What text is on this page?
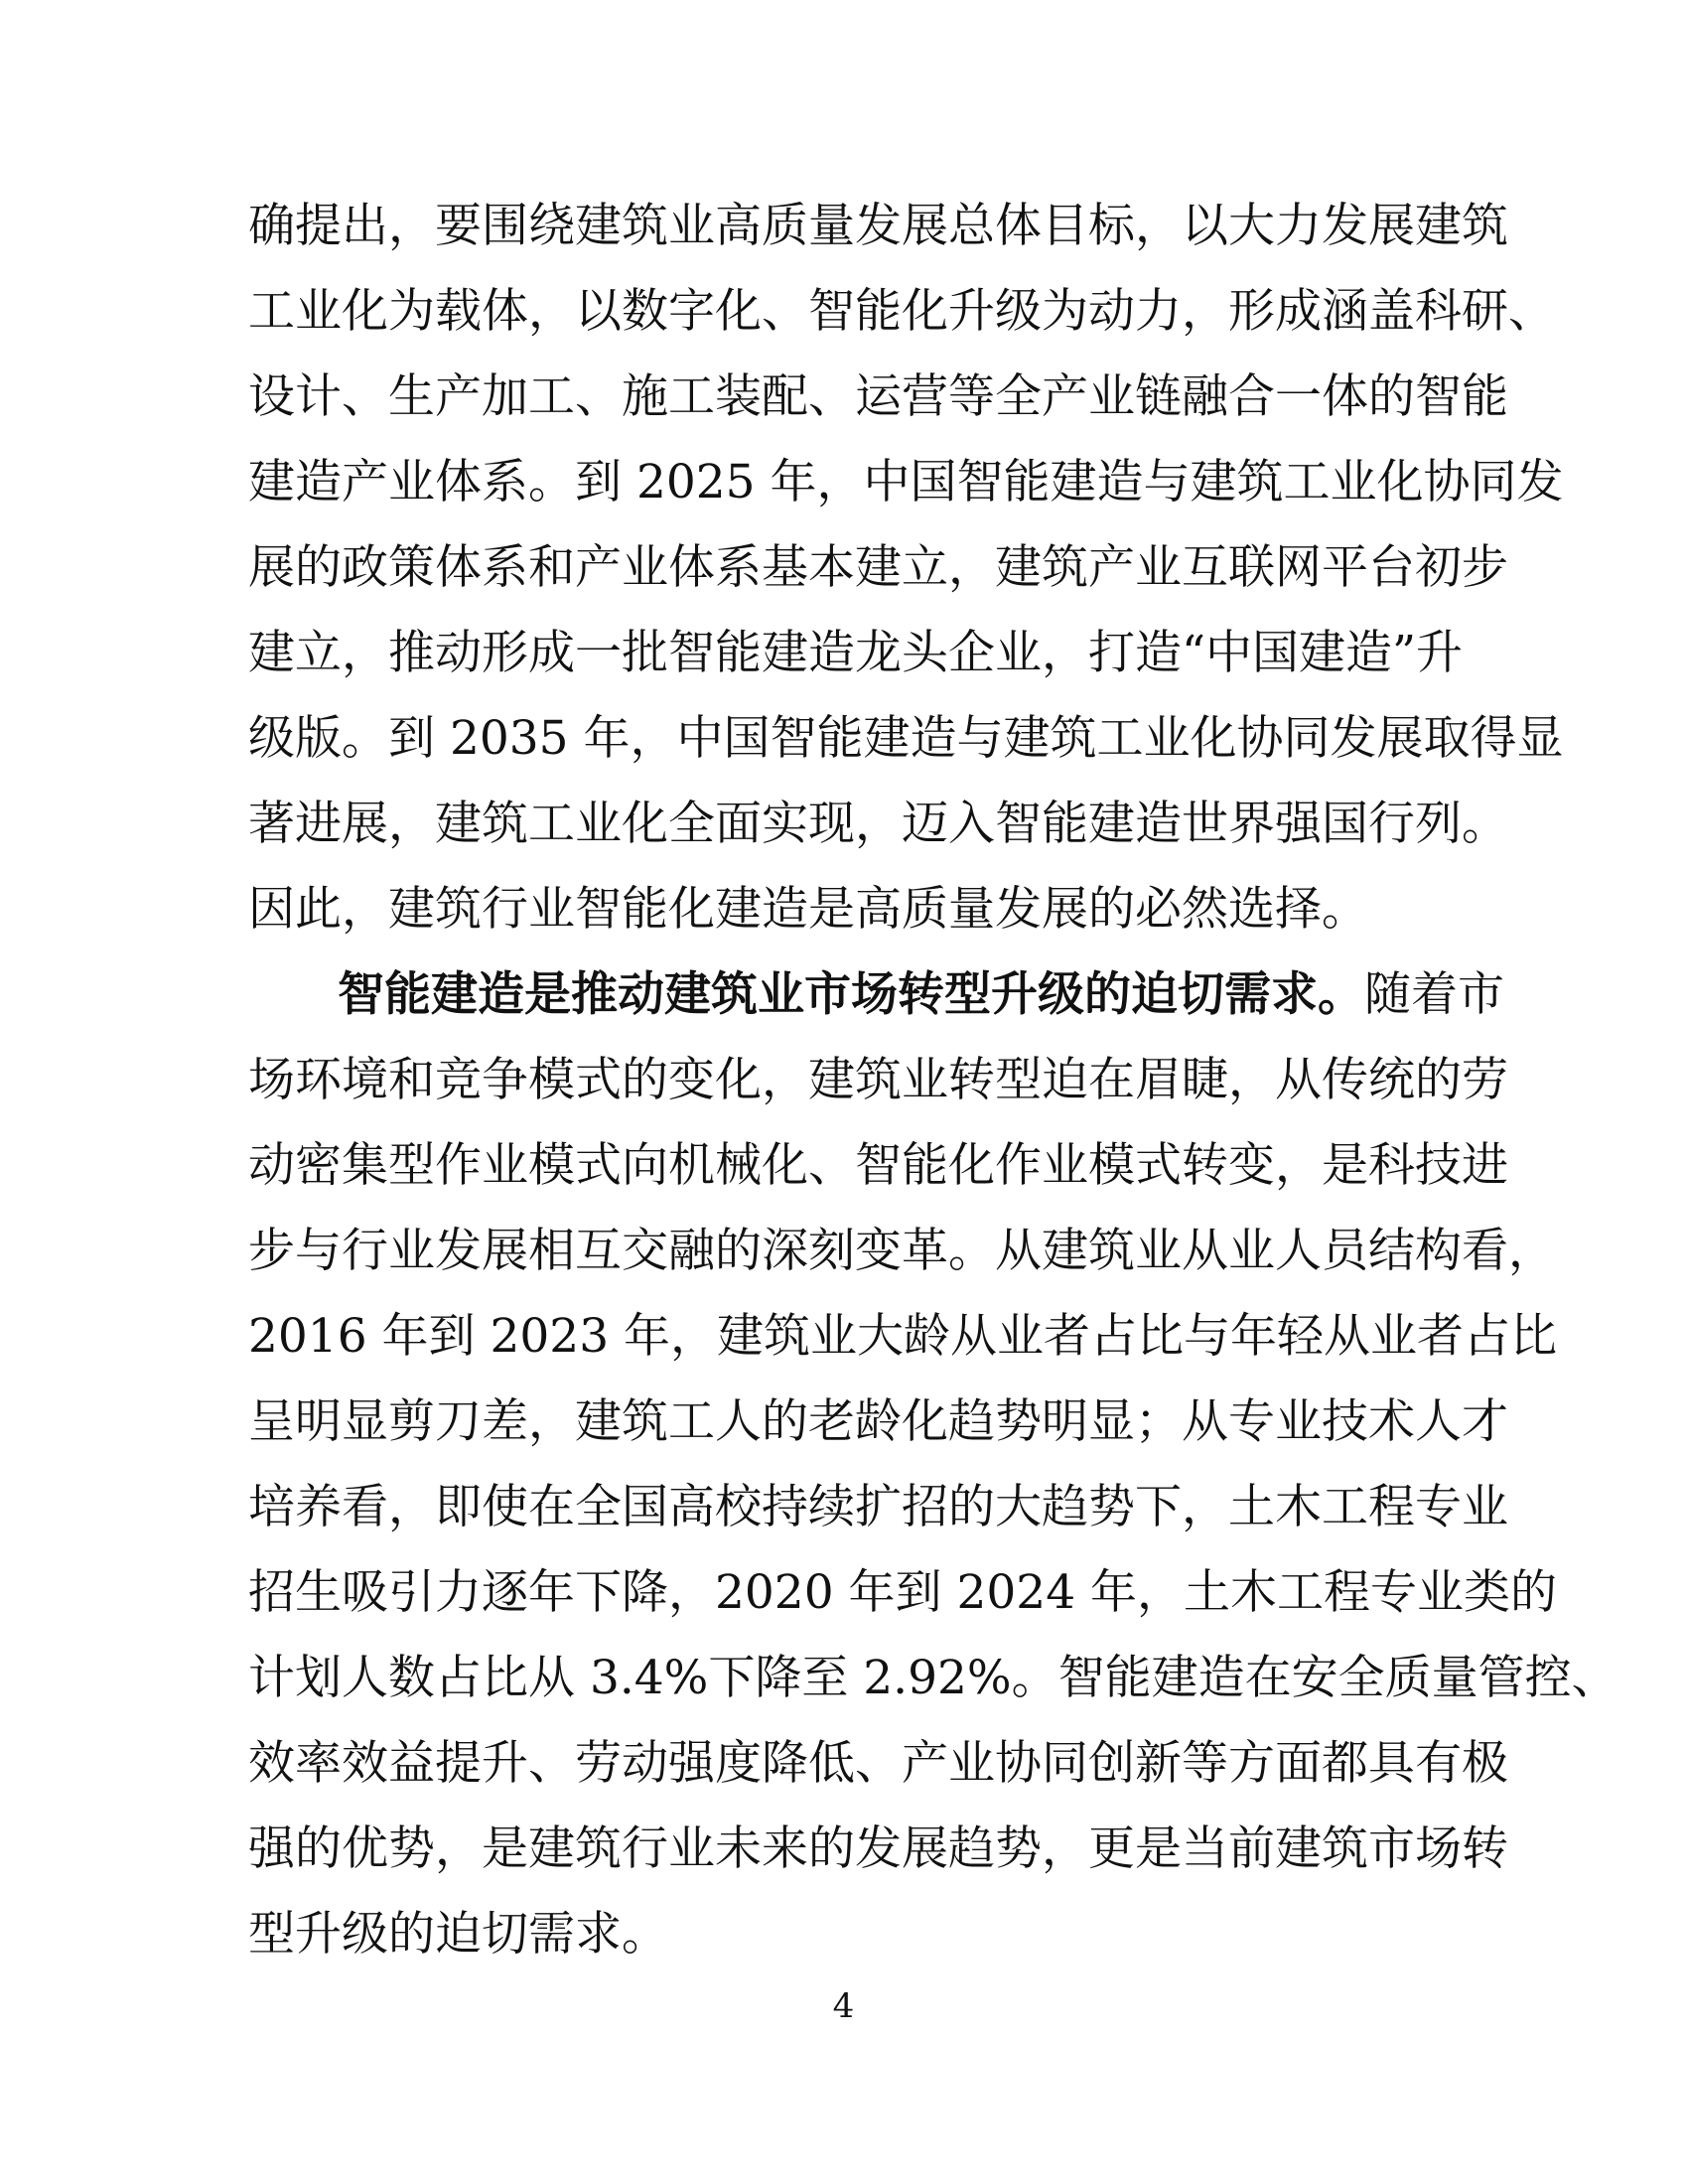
确提出，要围绕建筑业高质量发展总体目标，以大力发展建筑
工业化为载体，以数字化、智能化升级为动力，形成涵盖科研、
设计、生产加工、施工装配、运营等全产业链融合一体的智能
建造产业体系。到 2025 年，中国智能建造与建筑工业化协同发
展的政策体系和产业体系基本建立，建筑产业互联网平台初步
建立，推动形成一批智能建造龙头企业，打造“中国建造”升
级版。到 2035 年，中国智能建造与建筑工业化协同发展取得显
著进展，建筑工业化全面实现，迈入智能建造世界强国行列。
因此，建筑行业智能化建造是高质量发展的必然选择。
智能建造是推动建筑业市场转型升级的迫切需求。随着市
场环境和竞争模式的变化，建筑业转型迫在眉睫，从传统的劳
动密集型作业模式向机械化、智能化作业模式转变，是科技进
步与行业发展相互交融的深刻变革。从建筑业从业人员结构看，
2016 年到 2023 年，建筑业大龄从业者占比与年轻从业者占比
呈明显剪刀差，建筑工人的老龄化趋势明显；从专业技术人才
培养看，即使在全国高校持续扩招的大趋势下，土木工程专业
招生吸引力逐年下降，2020 年到 2024 年，土木工程专业类的
计划人数占比从 3.4%下降至 2.92%。智能建造在安全质量管控、
效率效益提升、劳动强度降低、产业协同创新等方面都具有极
强的优势，是建筑行业未来的发展趋势，更是当前建筑市场转
型升级的迫切需求。
4
